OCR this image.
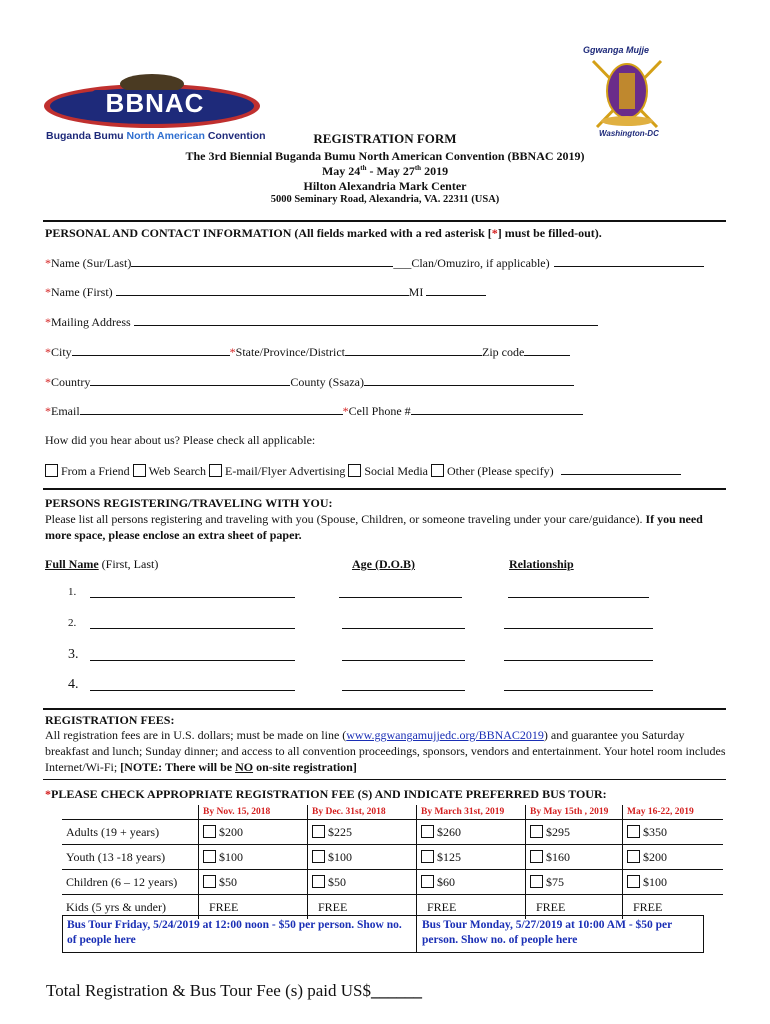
BBNAC
Buganda Bumu North American Convention
Ggwanga Mujje
Washington-DC
REGISTRATION FORM
The 3rd Biennial Buganda Bumu North American Convention (BBNAC 2019)
May 24th - May 27th 2019
Hilton Alexandria Mark Center
5000 Seminary Road, Alexandria, VA. 22311 (USA)
PERSONAL AND CONTACT INFORMATION (All fields marked with a red asterisk [*] must be filled-out).
*Name (Sur/Last)	___Clan/Omuziro, if applicable)
*Name (First)	MI
*Mailing Address
*City	*State/Province/District	Zip code
*Country	County (Ssaza)
*Email	*Cell Phone #
How did you hear about us? Please check all applicable:
From a Friend Web Search E-mail/Flyer Advertising Social Media Other (Please specify)
PERSONS REGISTERING/TRAVELING WITH YOU:
Please list all persons registering and traveling with you (Spouse, Children, or someone traveling under your care/guidance). If you need more space, please enclose an extra sheet of paper.
Full Name (First, Last)	Age (D.O.B)	Relationship
1.
2.
3.
4.
REGISTRATION FEES:
All registration fees are in U.S. dollars; must be made on line (www.ggwangamujjedc.org/BBNAC2019) and guarantee you Saturday breakfast and lunch; Sunday dinner; and access to all convention proceedings, sponsors, vendors and entertainment. Your hotel room includes Internet/Wi-Fi; [NOTE: There will be NO on-site registration]
*PLEASE CHECK APPROPRIATE REGISTRATION FEE (S) AND INDICATE PREFERRED BUS TOUR:
	By Nov. 15, 2018	By Dec. 31st, 2018	By March 31st, 2019	By May 15th , 2019	May 16-22, 2019
Adults (19 + years)	$200	$225	$260	$295	$350
Youth (13 -18 years)	$100	$100	$125	$160	$200
Children (6 – 12 years)	$50	$50	$60	$75	$100
Kids (5 yrs & under)	FREE	FREE	FREE	FREE	FREE
Bus Tour Friday, 5/24/2019 at 12:00 noon - $50 per person. Show no. of people here
Bus Tour Monday, 5/27/2019 at 10:00 AM - $50 per person. Show no. of people here
Total Registration & Bus Tour Fee (s) paid US$______
